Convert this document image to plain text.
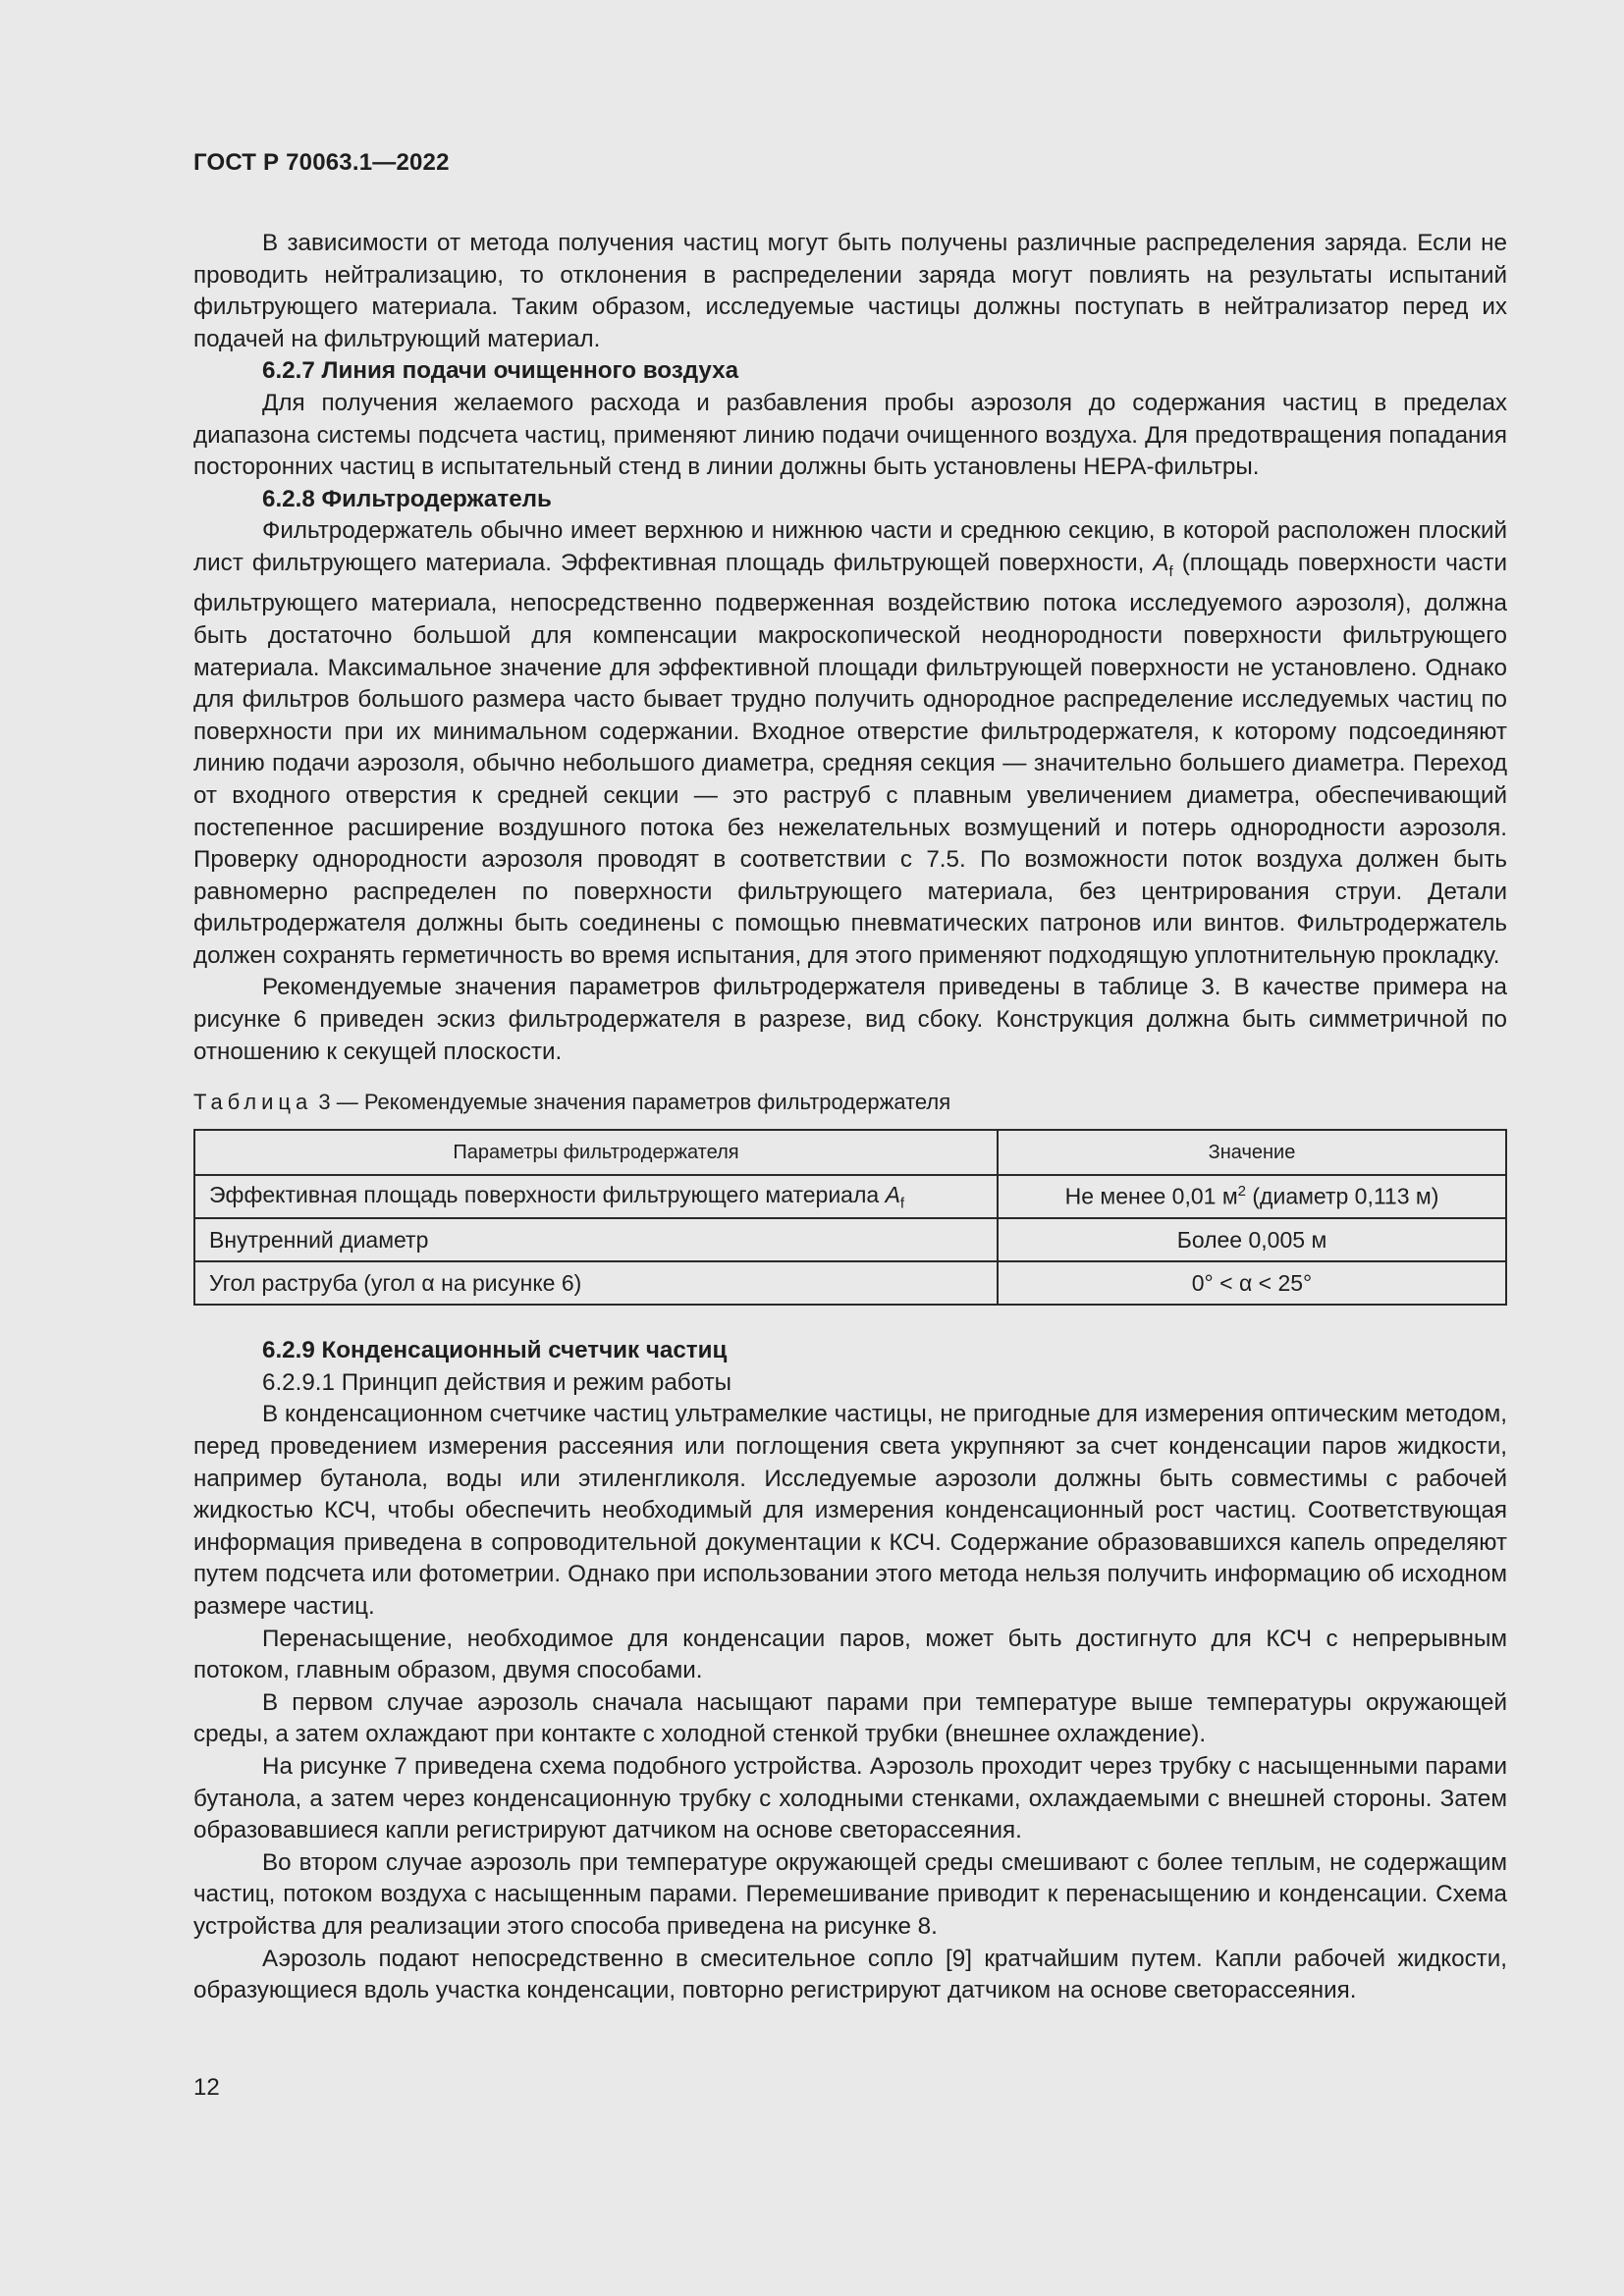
ГОСТ Р 70063.1—2022

В зависимости от метода получения частиц могут быть получены различные распределения заряда. Если не проводить нейтрализацию, то отклонения в распределении заряда могут повлиять на результаты испытаний фильтрующего материала. Таким образом, исследуемые частицы должны поступать в нейтрализатор перед их подачей на фильтрующий материал.

6.2.7 Линия подачи очищенного воздуха

Для получения желаемого расхода и разбавления пробы аэрозоля до содержания частиц в пределах диапазона системы подсчета частиц, применяют линию подачи очищенного воздуха. Для предотвращения попадания посторонних частиц в испытательный стенд в линии должны быть установлены НЕРА-фильтры.

6.2.8 Фильтродержатель

Фильтродержатель обычно имеет верхнюю и нижнюю части и среднюю секцию, в которой расположен плоский лист фильтрующего материала. Эффективная площадь фильтрующей поверхности, $A_f$ (площадь поверхности части фильтрующего материала, непосредственно подверженная воздействию потока исследуемого аэрозоля), должна быть достаточно большой для компенсации макроскопической неоднородности поверхности фильтрующего материала. Максимальное значение для эффективной площади фильтрующей поверхности не установлено. Однако для фильтров большого размера часто бывает трудно получить однородное распределение исследуемых частиц по поверхности при их минимальном содержании. Входное отверстие фильтродержателя, к которому подсоединяют линию подачи аэрозоля, обычно небольшого диаметра, средняя секция — значительно большего диаметра. Переход от входного отверстия к средней секции — это раструб с плавным увеличением диаметра, обеспечивающий постепенное расширение воздушного потока без нежелательных возмущений и потерь однородности аэрозоля. Проверку однородности аэрозоля проводят в соответствии с 7.5. По возможности поток воздуха должен быть равномерно распределен по поверхности фильтрующего материала, без центрирования струи. Детали фильтродержателя должны быть соединены с помощью пневматических патронов или винтов. Фильтродержатель должен сохранять герметичность во время испытания, для этого применяют подходящую уплотнительную прокладку.

Рекомендуемые значения параметров фильтродержателя приведены в таблице 3. В качестве примера на рисунке 6 приведен эскиз фильтродержателя в разрезе, вид сбоку. Конструкция должна быть симметричной по отношению к секущей плоскости.

Таблица 3 — Рекомендуемые значения параметров фильтродержателя
Параметры фильтродержателя	Значение
Эффективная площадь поверхности фильтрующего материала $A_f$	Не менее 0,01 $м^2$ (диаметр 0,113 м)
Внутренний диаметр	Более 0,005 м
Угол раструба (угол α на рисунке 6)	0° < α < 25°
6.2.9 Конденсационный счетчик частиц
6.2.9.1 Принцип действия и режим работы

В конденсационном счетчике частиц ультрамелкие частицы, не пригодные для измерения оптическим методом, перед проведением измерения рассеяния или поглощения света укрупняют за счет конденсации паров жидкости, например бутанола, воды или этиленгликоля. Исследуемые аэрозоли должны быть совместимы с рабочей жидкостью КСЧ, чтобы обеспечить необходимый для измерения конденсационный рост частиц. Соответствующая информация приведена в сопроводительной документации к КСЧ. Содержание образовавшихся капель определяют путем подсчета или фотометрии. Однако при использовании этого метода нельзя получить информацию об исходном размере частиц.

Перенасыщение, необходимое для конденсации паров, может быть достигнуто для КСЧ с непрерывным потоком, главным образом, двумя способами.

В первом случае аэрозоль сначала насыщают парами при температуре выше температуры окружающей среды, а затем охлаждают при контакте с холодной стенкой трубки (внешнее охлаждение).

На рисунке 7 приведена схема подобного устройства. Аэрозоль проходит через трубку с насыщенными парами бутанола, а затем через конденсационную трубку с холодными стенками, охлаждаемыми с внешней стороны. Затем образовавшиеся капли регистрируют датчиком на основе светорассеяния.

Во втором случае аэрозоль при температуре окружающей среды смешивают с более теплым, не содержащим частиц, потоком воздуха с насыщенным парами. Перемешивание приводит к перенасыщению и конденсации. Схема устройства для реализации этого способа приведена на рисунке 8.

Аэрозоль подают непосредственно в смесительное сопло [9] кратчайшим путем. Капли рабочей жидкости, образующиеся вдоль участка конденсации, повторно регистрируют датчиком на основе светорассеяния.

12
